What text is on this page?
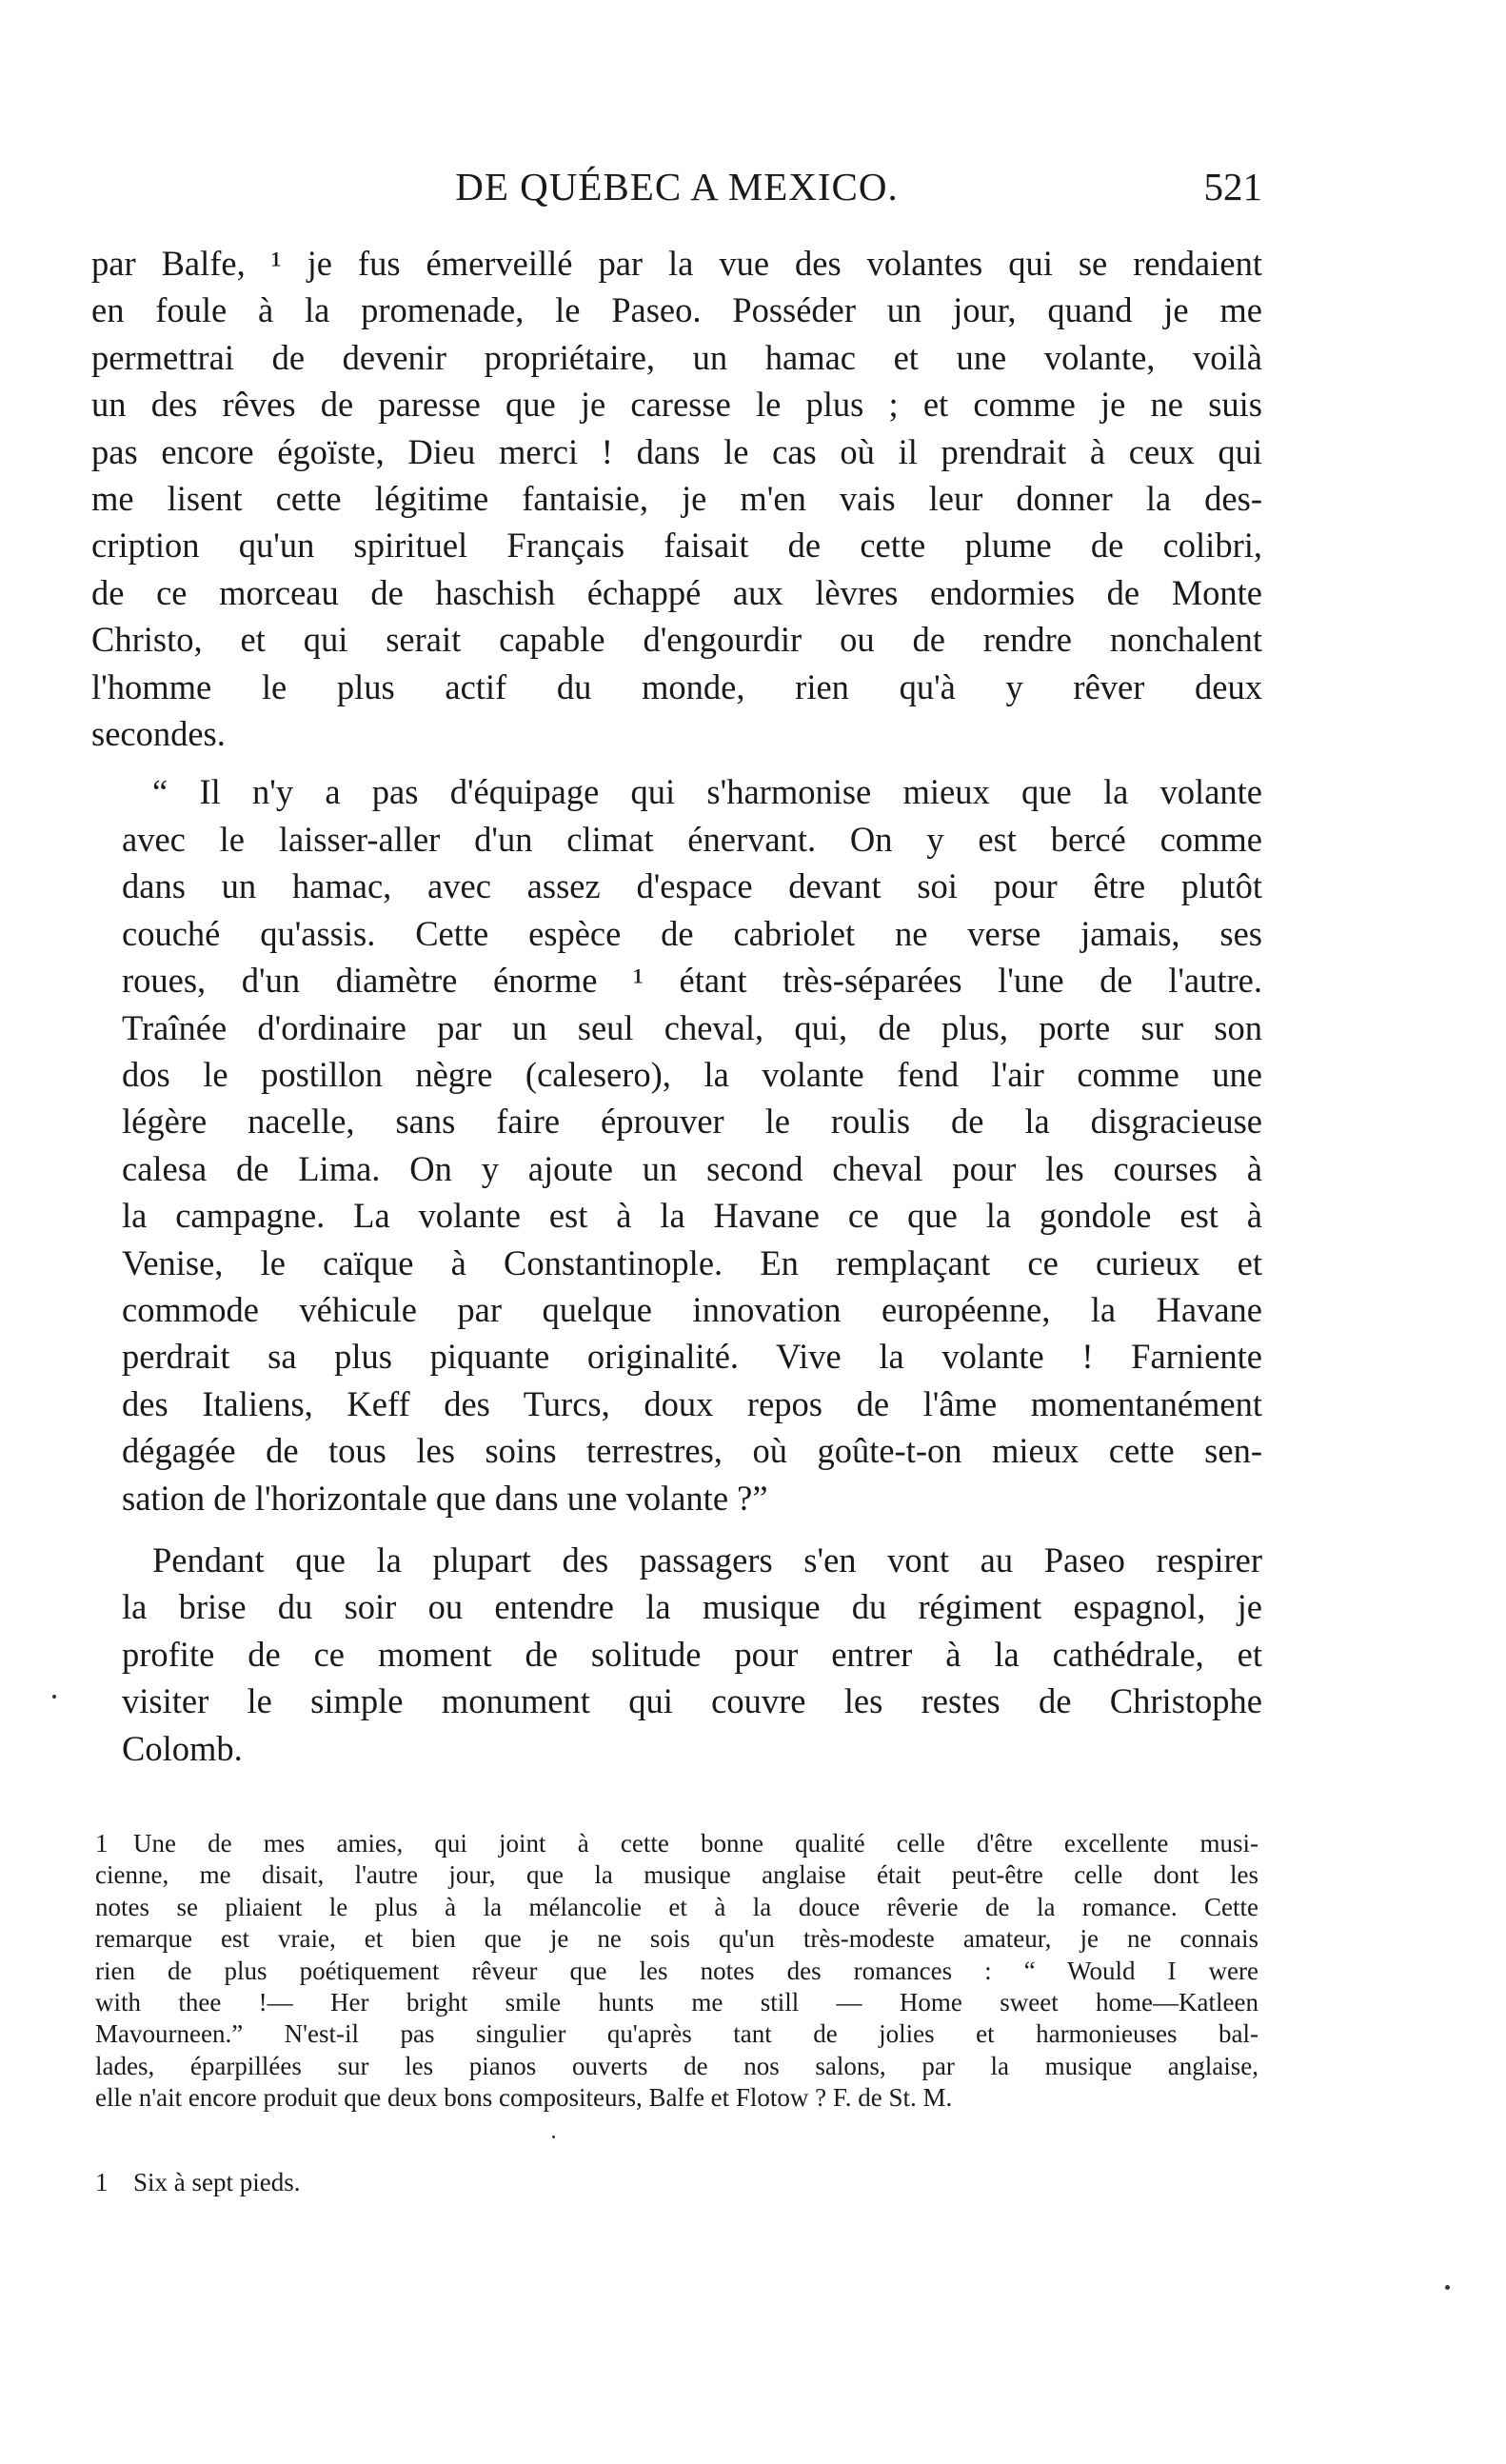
DE QUÉBEC A MEXICO.	521

par Balfe, ¹ je fus émerveillé par la vue des volantes qui se rendaient
en foule à la promenade, le Paseo. Posséder un jour, quand je me
permettrai de devenir propriétaire, un hamac et une volante, voilà
un des rêves de paresse que je caresse le plus ; et comme je ne suis
pas encore égoïste, Dieu merci ! dans le cas où il prendrait à ceux qui
me lisent cette légitime fantaisie, je m'en vais leur donner la des-
cription qu'un spirituel Français faisait de cette plume de colibri,
de ce morceau de haschish échappé aux lèvres endormies de Monte
Christo, et qui serait capable d'engourdir ou de rendre nonchalent
l'homme le plus actif du monde, rien qu'à y rêver deux
secondes.

“ Il n'y a pas d'équipage qui s'harmonise mieux que la volante
avec le laisser-aller d'un climat énervant. On y est bercé comme
dans un hamac, avec assez d'espace devant soi pour être plutôt
couché qu'assis. Cette espèce de cabriolet ne verse jamais, ses
roues, d'un diamètre énorme ¹ étant très-séparées l'une de l'autre.
Traînée d'ordinaire par un seul cheval, qui, de plus, porte sur son
dos le postillon nègre (calesero), la volante fend l'air comme une
légère nacelle, sans faire éprouver le roulis de la disgracieuse
calesa de Lima. On y ajoute un second cheval pour les courses à
la campagne. La volante est à la Havane ce que la gondole est à
Venise, le caïque à Constantinople. En remplaçant ce curieux et
commode véhicule par quelque innovation européenne, la Havane
perdrait sa plus piquante originalité. Vive la volante ! Farniente
des Italiens, Keff des Turcs, doux repos de l'âme momentanément
dégagée de tous les soins terrestres, où goûte-t-on mieux cette sen-
sation de l'horizontale que dans une volante ?”

Pendant que la plupart des passagers s'en vont au Paseo respirer
la brise du soir ou entendre la musique du régiment espagnol, je
profite de ce moment de solitude pour entrer à la cathédrale, et
visiter le simple monument qui couvre les restes de Christophe
Colomb.

1 Une de mes amies, qui joint à cette bonne qualité celle d'être excellente musi-
cienne, me disait, l'autre jour, que la musique anglaise était peut-être celle dont les
notes se pliaient le plus à la mélancolie et à la douce rêverie de la romance. Cette
remarque est vraie, et bien que je ne sois qu'un très-modeste amateur, je ne connais
rien de plus poétiquement rêveur que les notes des romances : “ Would I were
with thee !— Her bright smile hunts me still — Home sweet home—Katleen
Mavourneen.” N'est-il pas singulier qu'après tant de jolies et harmonieuses bal-
lades, éparpillées sur les pianos ouverts de nos salons, par la musique anglaise,
elle n'ait encore produit que deux bons compositeurs, Balfe et Flotow ? F. de St. M.
1 Six à sept pieds.
